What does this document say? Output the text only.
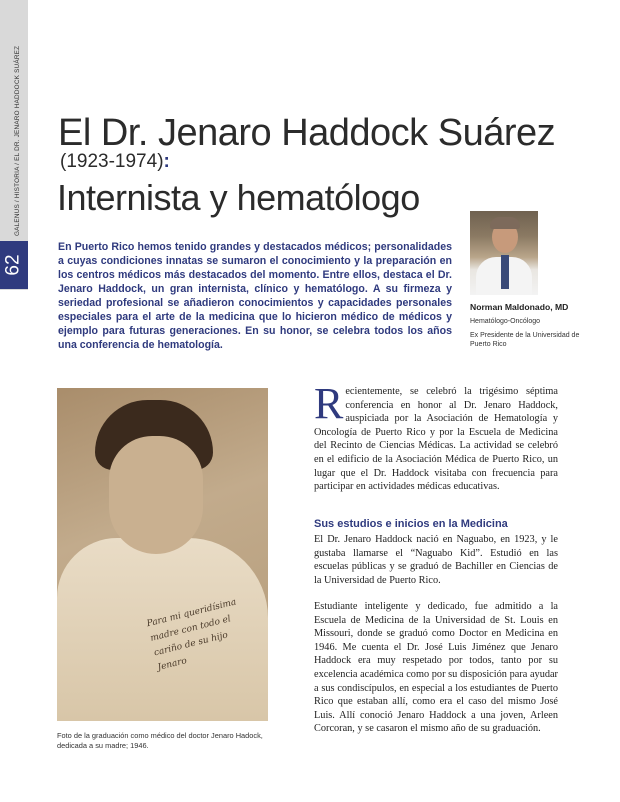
GALENUS / HISTORIA / EL DR. JENARO HADDOCK SUÁREZ
62
El Dr. Jenaro Haddock Suárez
(1923-1974):
Internista y hematólogo
En Puerto Rico hemos tenido grandes y destacados médicos; personalidades a cuyas condiciones innatas se sumaron el conocimiento y la preparación en los centros médicos más destacados del momento. Entre ellos, destaca el Dr. Jenaro Haddock, un gran internista, clínico y hematólogo. A su firmeza y seriedad profesional se añadieron conocimientos y capacidades personales especiales para el arte de la medicina que lo hicieron médico de médicos y ejemplo para futuras generaciones. En su honor, se celebra todos los años una conferencia de hematología.
Norman Maldonado, MD
Hematólogo-Oncólogo
Ex Presidente de la Universidad de Puerto Rico
Para mi queridísima madre con todo el cariño de su hijo Jenaro
Foto de la graduación como médico del doctor Jenaro Hadock, dedicada a su madre; 1946.
Recientemente, se celebró la trigésimo séptima conferencia en honor al Dr. Jenaro Haddock, auspiciada por la Asociación de Hematología y Oncología de Puerto Rico y por la Escuela de Medicina del Recinto de Ciencias Médicas. La actividad se celebró en el edificio de la Asociación Médica de Puerto Rico, un lugar que el Dr. Haddock visitaba con frecuencia para participar en actividades médicas educativas.
Sus estudios e inicios en la Medicina
El Dr. Jenaro Haddock nació en Naguabo, en 1923, y le gustaba llamarse el “Naguabo Kid”. Estudió en las escuelas públicas y se graduó de Bachiller en Ciencias de la Universidad de Puerto Rico.
Estudiante inteligente y dedicado, fue admitido a la Escuela de Medicina de la Universidad de St. Louis en Missouri, donde se graduó como Doctor en Medicina en 1946. Me cuenta el Dr. José Luis Jiménez que Jenaro Haddock era muy respetado por todos, tanto por su excelencia académica como por su disposición para ayudar a sus condiscípulos, en especial a los estudiantes de Puerto Rico que estaban allí, como era el caso del mismo José Luis. Allí conoció Jenaro Haddock a una joven, Arleen Corcoran, y se casaron el mismo año de su graduación.
